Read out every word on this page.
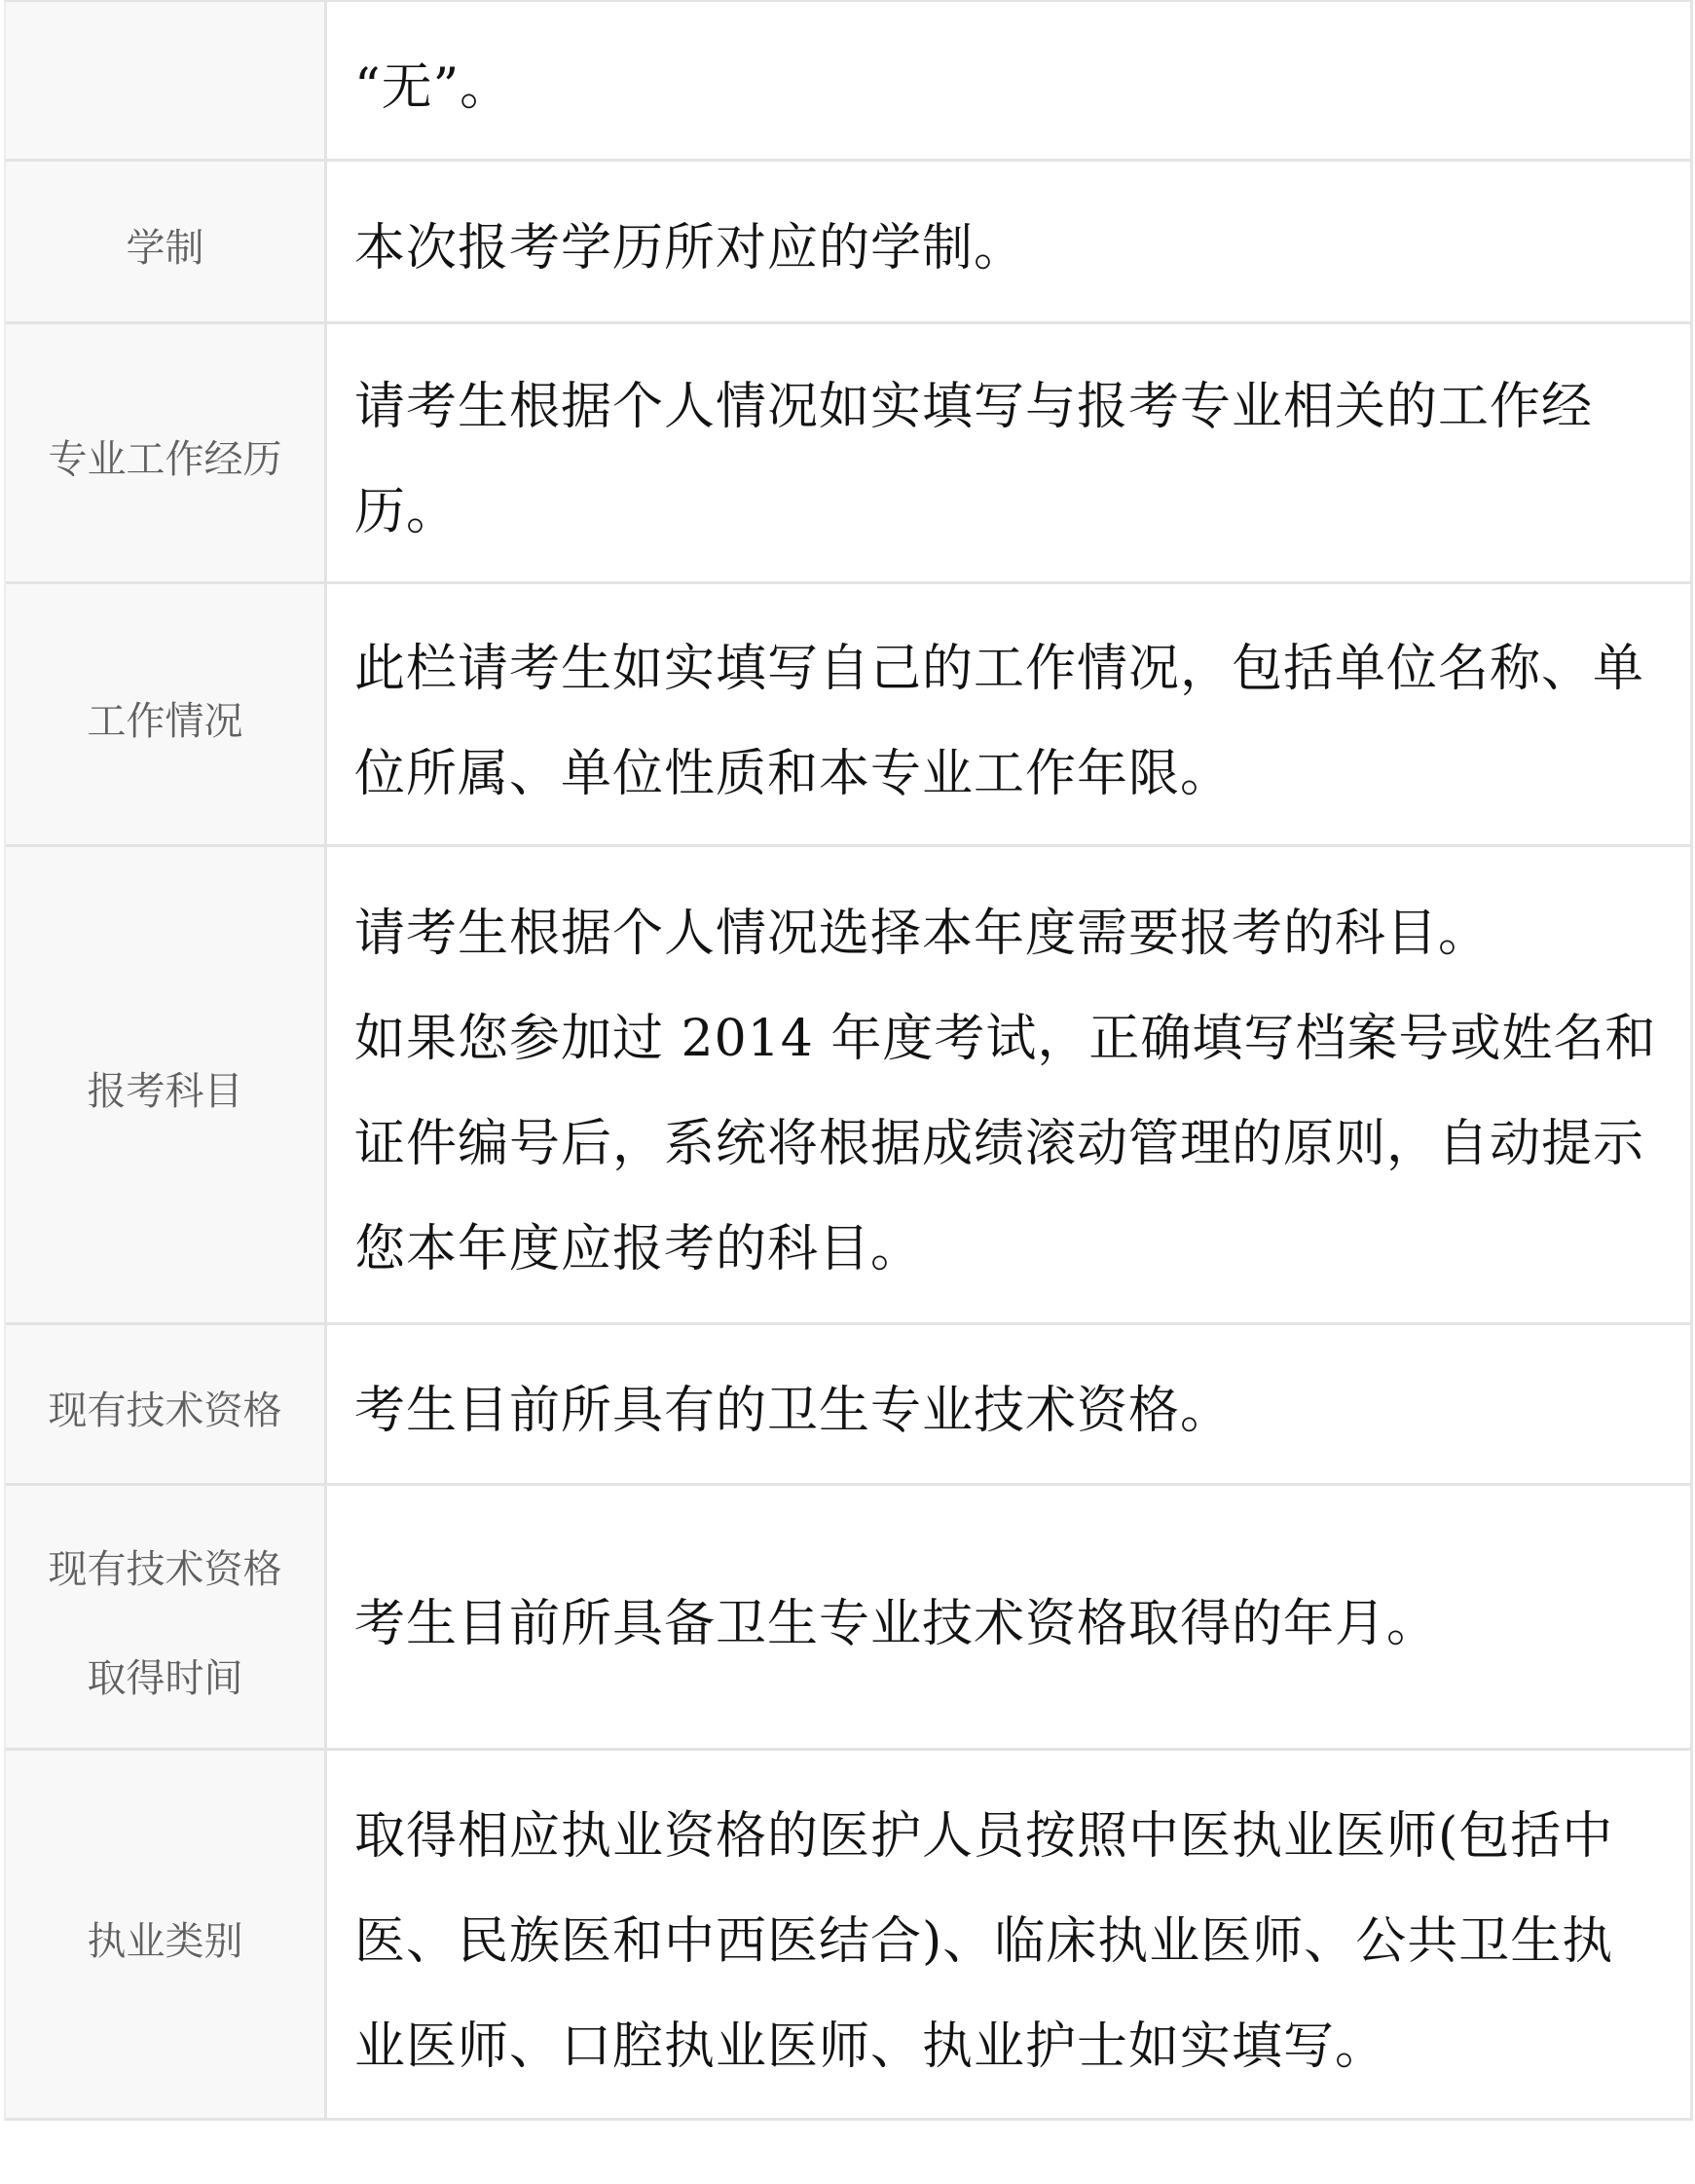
“无”。
学制	本次报考学历所对应的学制。
专业工作经历
请考生根据个人情况如实填写与报考专业相关的工作经
历。
工作情况
此栏请考生如实填写自己的工作情况，包括单位名称、单
位所属、单位性质和本专业工作年限。
报考科目
请考生根据个人情况选择本年度需要报考的科目。
如果您参加过 2014 年度考试，正确填写档案号或姓名和
证件编号后，系统将根据成绩滚动管理的原则，自动提示
您本年度应报考的科目。
现有技术资格 考生目前所具有的卫生专业技术资格。
现有技术资格
取得时间
考生目前所具备卫生专业技术资格取得的年月。
执业类别
取得相应执业资格的医护人员按照中医执业医师(包括中
医、民族医和中西医结合)、临床执业医师、公共卫生执
业医师、口腔执业医师、执业护士如实填写。
